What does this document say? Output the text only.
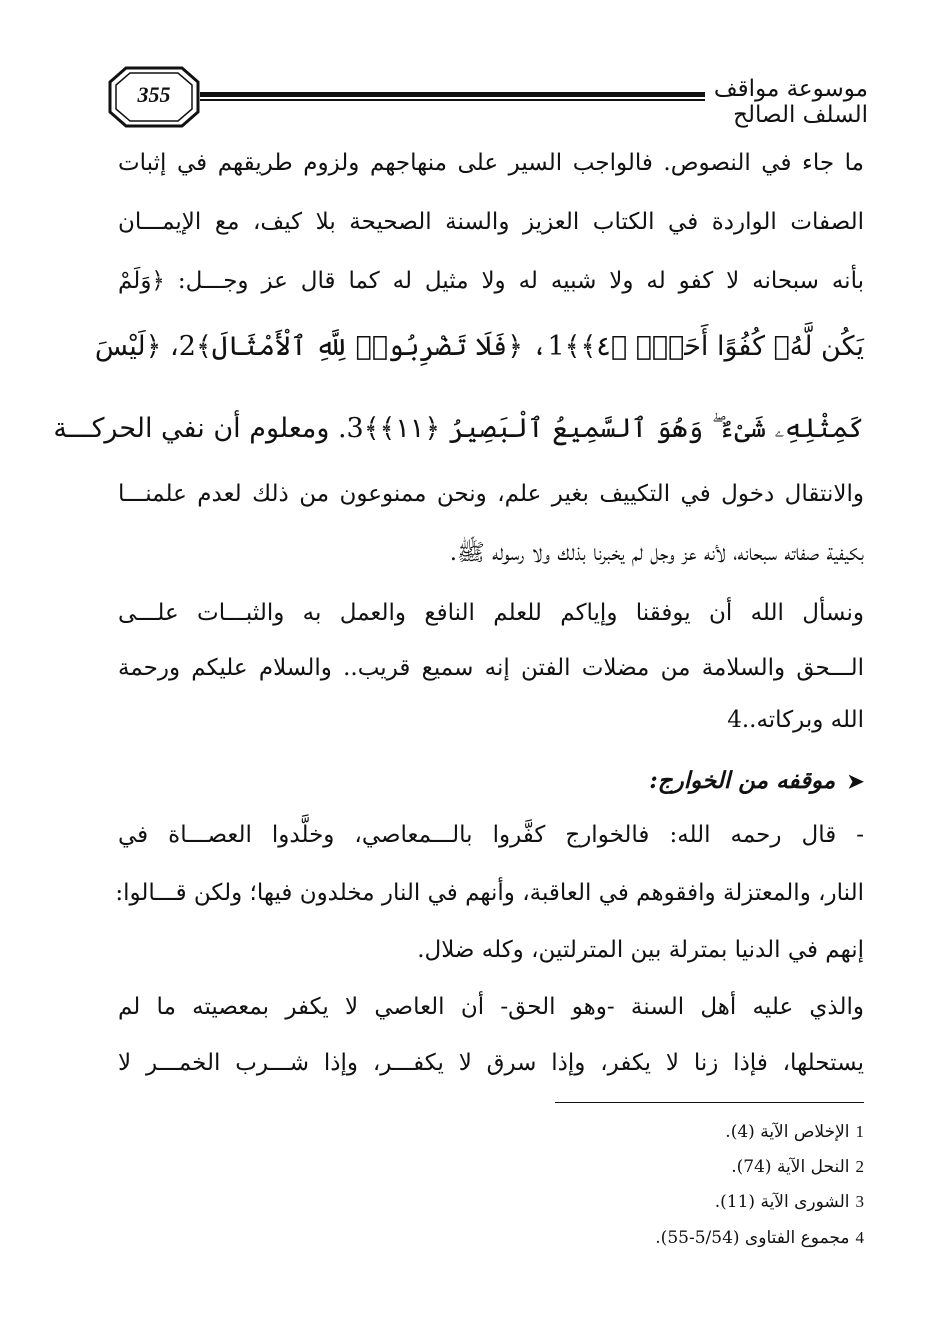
355	موسوعة مواقف السلف الصالح
ما جاء في النصوص. فالواجب السير على منهاجهم ولزوم طريقهم في إثبات
الصفات الواردة في الكتاب العزيز والسنة الصحيحة بلا كيف، مع الإيمـــان
بأنه سبحانه لا كفو له ولا شبيه له ولا مثيل له كما قال عز وجـــل: ﴿وَلَمْ
يَكُن لَّهُۥ كُفُوًا أَحَدٌۢ ﴿٤﴾﴾1، ﴿فَلَا تَضْرِبُوا۟ لِلَّهِ ٱلْأَمْثَالَ﴾2، ﴿لَيْسَ
كَمِثْلِهِۦ شَىْءٌ ۖ وَهُوَ ٱلسَّمِيعُ ٱلْبَصِيرُ ﴿١١﴾﴾3. ومعلوم أن نفي الحركـــة
والانتقال دخول في التكييف بغير علم، ونحن ممنوعون من ذلك لعدم علمنـــا
بكيفية صفاته سبحانه، لأنه عز وجل لم يخبرنا بذلك ولا رسوله ﷺ.
ونسأل الله أن يوفقنا وإياكم للعلم النافع والعمل به والثبـــات علـــى
الـــحق والسلامة من مضلات الفتن إنه سميع قريب.. والسلام عليكم ورحمة
الله وبركاته..4
➤موقفه من الخوارج:
- قال رحمه الله: فالخوارج كفَّروا بالـــمعاصي، وخلَّدوا العصـــاة في
النار، والمعتزلة وافقوهم في العاقبة، وأنهم في النار مخلدون فيها؛ ولكن قـــالوا:
إنهم في الدنيا بمترلة بين المترلتين، وكله ضلال.
والذي عليه أهل السنة -وهو الحق- أن العاصي لا يكفر بمعصيته ما لم
يستحلها، فإذا زنا لا يكفر، وإذا سرق لا يكفـــر، وإذا شـــرب الخمـــر لا
1الإخلاص الآية (4).
2النحل الآية (74).
3الشورى الآية (11).
4مجموع الفتاوى (5/54-55).
